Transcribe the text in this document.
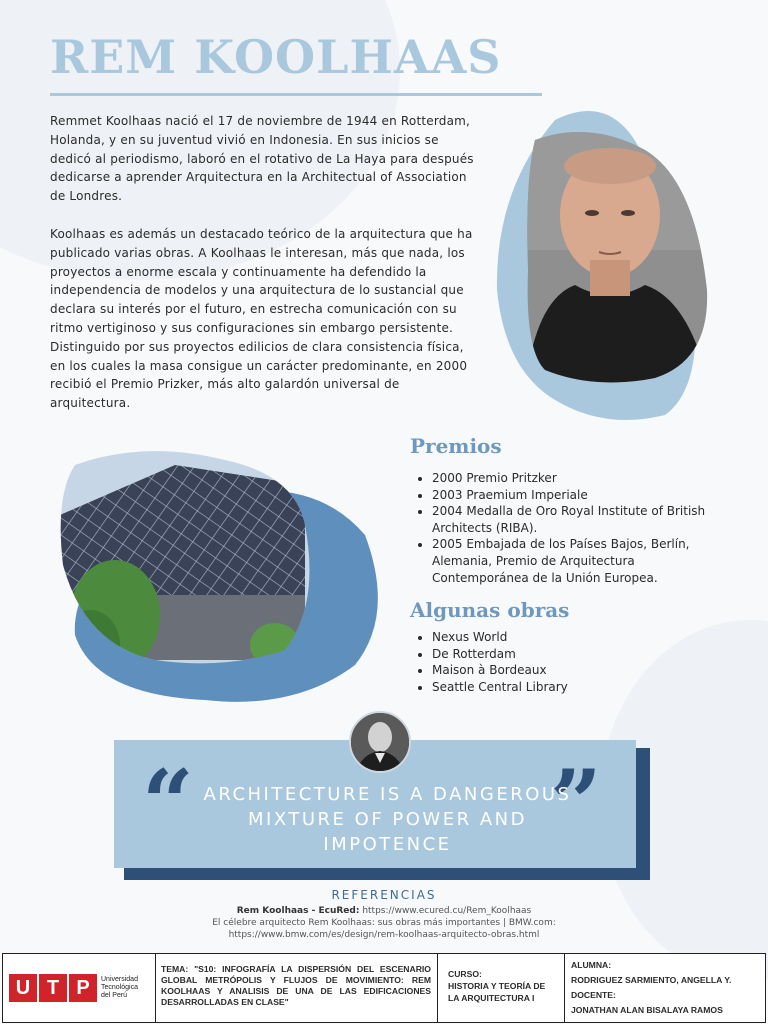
REM KOOLHAAS

Remmet Koolhaas nació el 17 de noviembre de 1944 en Rotterdam, Holanda, y en su juventud vivió en Indonesia. En sus inicios se dedicó al periodismo, laboró en el rotativo de La Haya para después dedicarse a aprender Arquitectura en la Architectual of Association de Londres.

Koolhaas es además un destacado teórico de la arquitectura que ha publicado varias obras. A Koolhaas le interesan, más que nada, los proyectos a enorme escala y continuamente ha defendido la independencia de modelos y una arquitectura de lo sustancial que declara su interés por el futuro, en estrecha comunicación con su ritmo vertiginoso y sus configuraciones sin embargo persistente. Distinguido por sus proyectos edilicios de clara consistencia física, en los cuales la masa consigue un carácter predominante, en 2000 recibió el Premio Prizker, más alto galardón universal de arquitectura.

Premios
• 2000 Premio Pritzker
• 2003 Praemium Imperiale
• 2004 Medalla de Oro Royal Institute of British Architects (RIBA).
• 2005 Embajada de los Países Bajos, Berlín, Alemania, Premio de Arquitectura Contemporánea de la Unión Europea.
Algunas obras
• Nexus World
• De Rotterdam
• Maison à Bordeaux
• Seattle Central Library
“	”

ARCHITECTURE IS A DANGEROUS MIXTURE OF POWER AND IMPOTENCE

REFERENCIAS

Rem Koolhaas - EcuRed: https://www.ecured.cu/Rem_Koolhaas
El célebre arquitecto Rem Koolhaas: sus obras más importantes | BMW.com:
https://www.bmw.com/es/design/rem-koolhaas-arquitecto-obras.html
U T P	Universidad
Tecnológica
del Perú
TEMA: "S10: INFOGRAFÍA LA DISPERSIÓN DEL ESCENARIO GLOBAL METRÓPOLIS Y FLUJOS DE MOVIMIENTO: REM KOOLHAAS Y ANALISIS DE UNA DE LAS EDIFICACIONES DESARROLLADAS EN CLASE"
CURSO:
HISTORIA Y TEORÍA DE LA ARQUITECTURA I
ALUMNA:
RODRIGUEZ SARMIENTO, ANGELLA Y.
DOCENTE:
JONATHAN ALAN BISALAYA RAMOS
